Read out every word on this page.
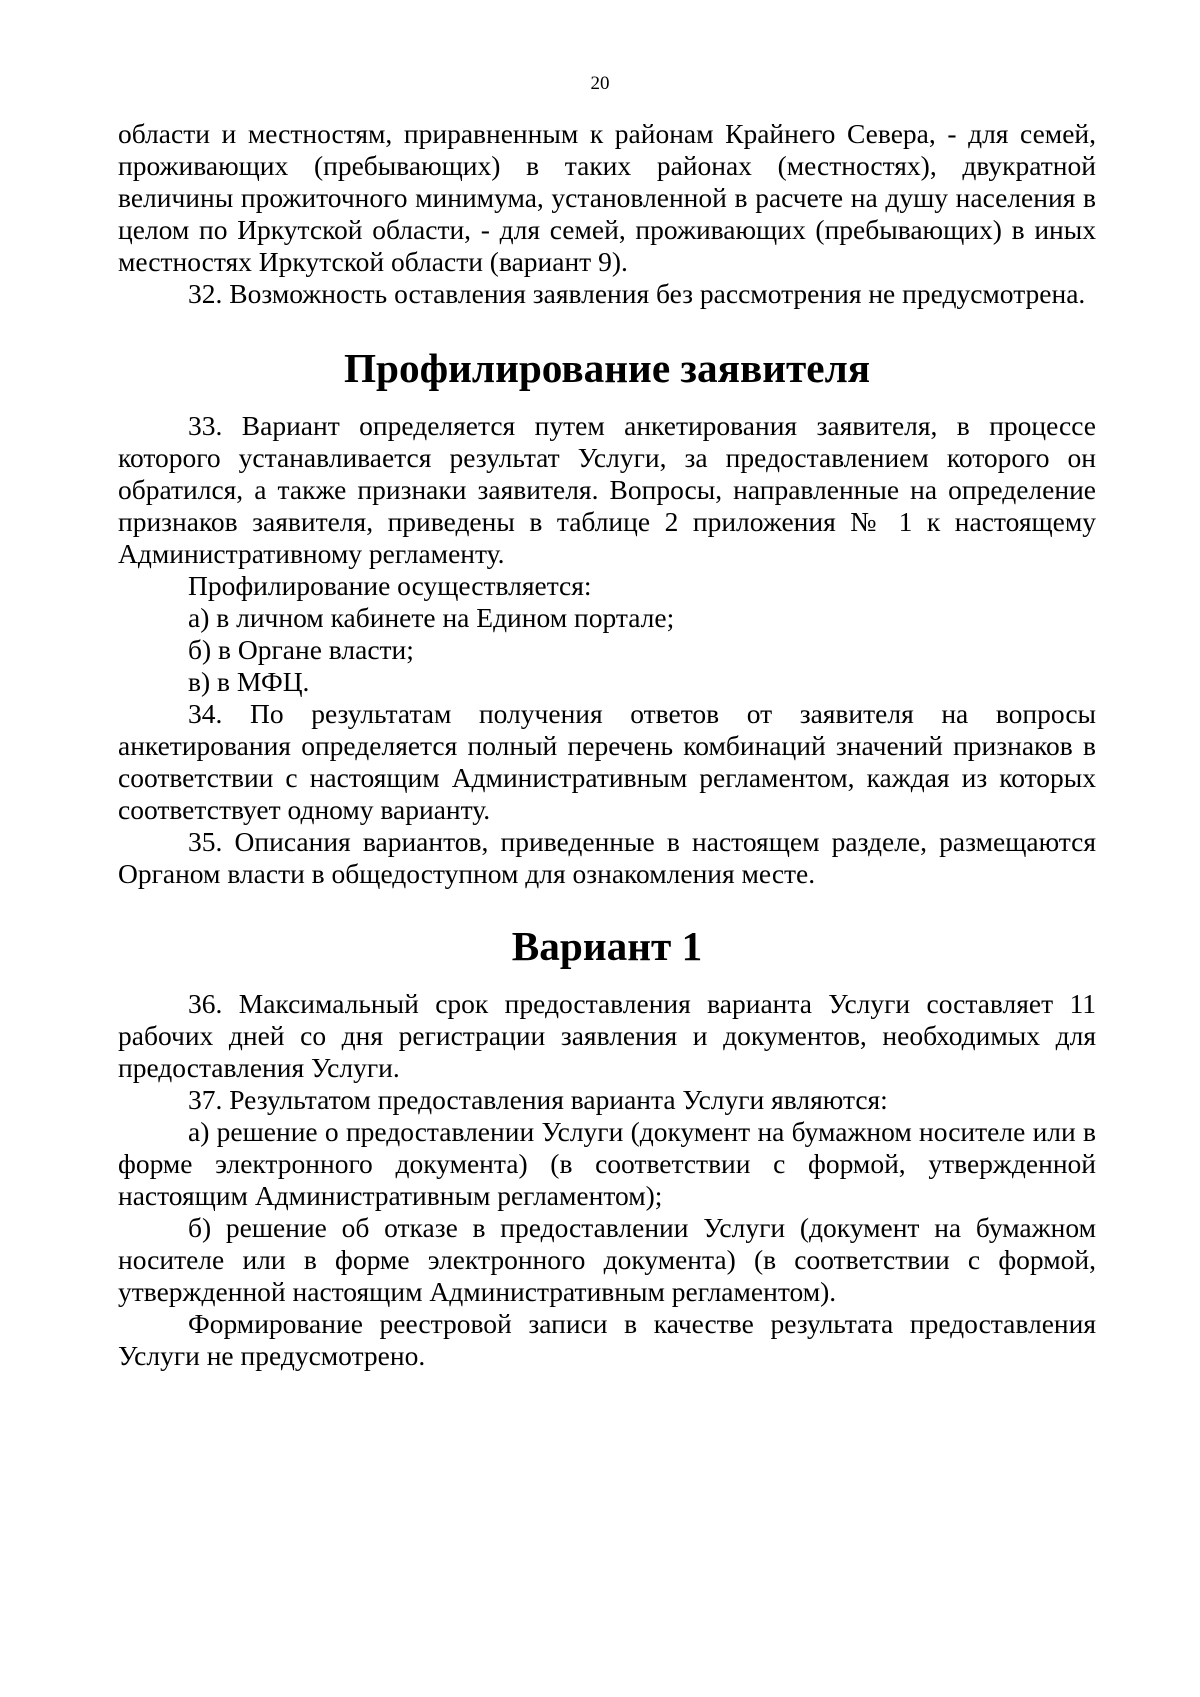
20

области и местностям, приравненным к районам Крайнего Севера, - для семей, проживающих (пребывающих) в таких районах (местностях), двукратной величины прожиточного минимума, установленной в расчете на душу населения в целом по Иркутской области, - для семей, проживающих (пребывающих) в иных местностях Иркутской области (вариант 9).

32. Возможность оставления заявления без рассмотрения не предусмотрена.

Профилирование заявителя

33. Вариант определяется путем анкетирования заявителя, в процессе которого устанавливается результат Услуги, за предоставлением которого он обратился, а также признаки заявителя. Вопросы, направленные на определение признаков заявителя, приведены в таблице 2 приложения № 1 к настоящему Административному регламенту.

Профилирование осуществляется:

а) в личном кабинете на Едином портале;

б) в Органе власти;

в) в МФЦ.

34. По результатам получения ответов от заявителя на вопросы анкетирования определяется полный перечень комбинаций значений признаков в соответствии с настоящим Административным регламентом, каждая из которых соответствует одному варианту.

35. Описания вариантов, приведенные в настоящем разделе, размещаются Органом власти в общедоступном для ознакомления месте.

Вариант 1

36. Максимальный срок предоставления варианта Услуги составляет 11 рабочих дней со дня регистрации заявления и документов, необходимых для предоставления Услуги.

37. Результатом предоставления варианта Услуги являются:

а) решение о предоставлении Услуги (документ на бумажном носителе или в форме электронного документа) (в соответствии с формой, утвержденной настоящим Административным регламентом);

б) решение об отказе в предоставлении Услуги (документ на бумажном носителе или в форме электронного документа) (в соответствии с формой, утвержденной настоящим Административным регламентом).

Формирование реестровой записи в качестве результата предоставления Услуги не предусмотрено.
